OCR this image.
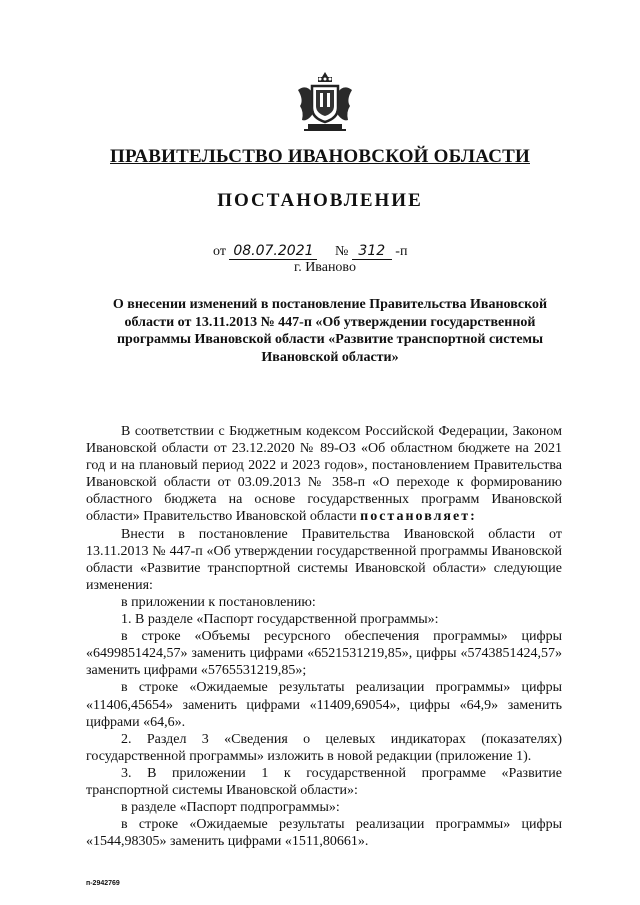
ПРАВИТЕЛЬСТВО ИВАНОВСКОЙ ОБЛАСТИ
ПОСТАНОВЛЕНИЕ
от 08.07.2021 № 312 -п
г. Иваново
О внесении изменений в постановление Правительства Ивановской области от 13.11.2013 № 447-п «Об утверждении государственной программы Ивановской области «Развитие транспортной системы Ивановской области»

В соответствии с Бюджетным кодексом Российской Федерации, Законом Ивановской области от 23.12.2020 № 89-ОЗ «Об областном бюджете на 2021 год и на плановый период 2022 и 2023 годов», постановлением Правительства Ивановской области от 03.09.2013 № 358-п «О переходе к формированию областного бюджета на основе государственных программ Ивановской области» Правительство Ивановской области постановляет:

Внести в постановление Правительства Ивановской области от 13.11.2013 № 447-п «Об утверждении государственной программы Ивановской области «Развитие транспортной системы Ивановской области» следующие изменения:

в приложении к постановлению:

1. В разделе «Паспорт государственной программы»:

в строке «Объемы ресурсного обеспечения программы» цифры «6499851424,57» заменить цифрами «6521531219,85», цифры «5743851424,57» заменить цифрами «5765531219,85»;

в строке «Ожидаемые результаты реализации программы» цифры «11406,45654» заменить цифрами «11409,69054», цифры «64,9» заменить цифрами «64,6».

2. Раздел 3 «Сведения о целевых индикаторах (показателях) государственной программы» изложить в новой редакции (приложение 1).

3. В приложении 1 к государственной программе «Развитие транспортной системы Ивановской области»:

в разделе «Паспорт подпрограммы»:

в строке «Ожидаемые результаты реализации программы» цифры «1544,98305» заменить цифрами «1511,80661».

п-2942769
